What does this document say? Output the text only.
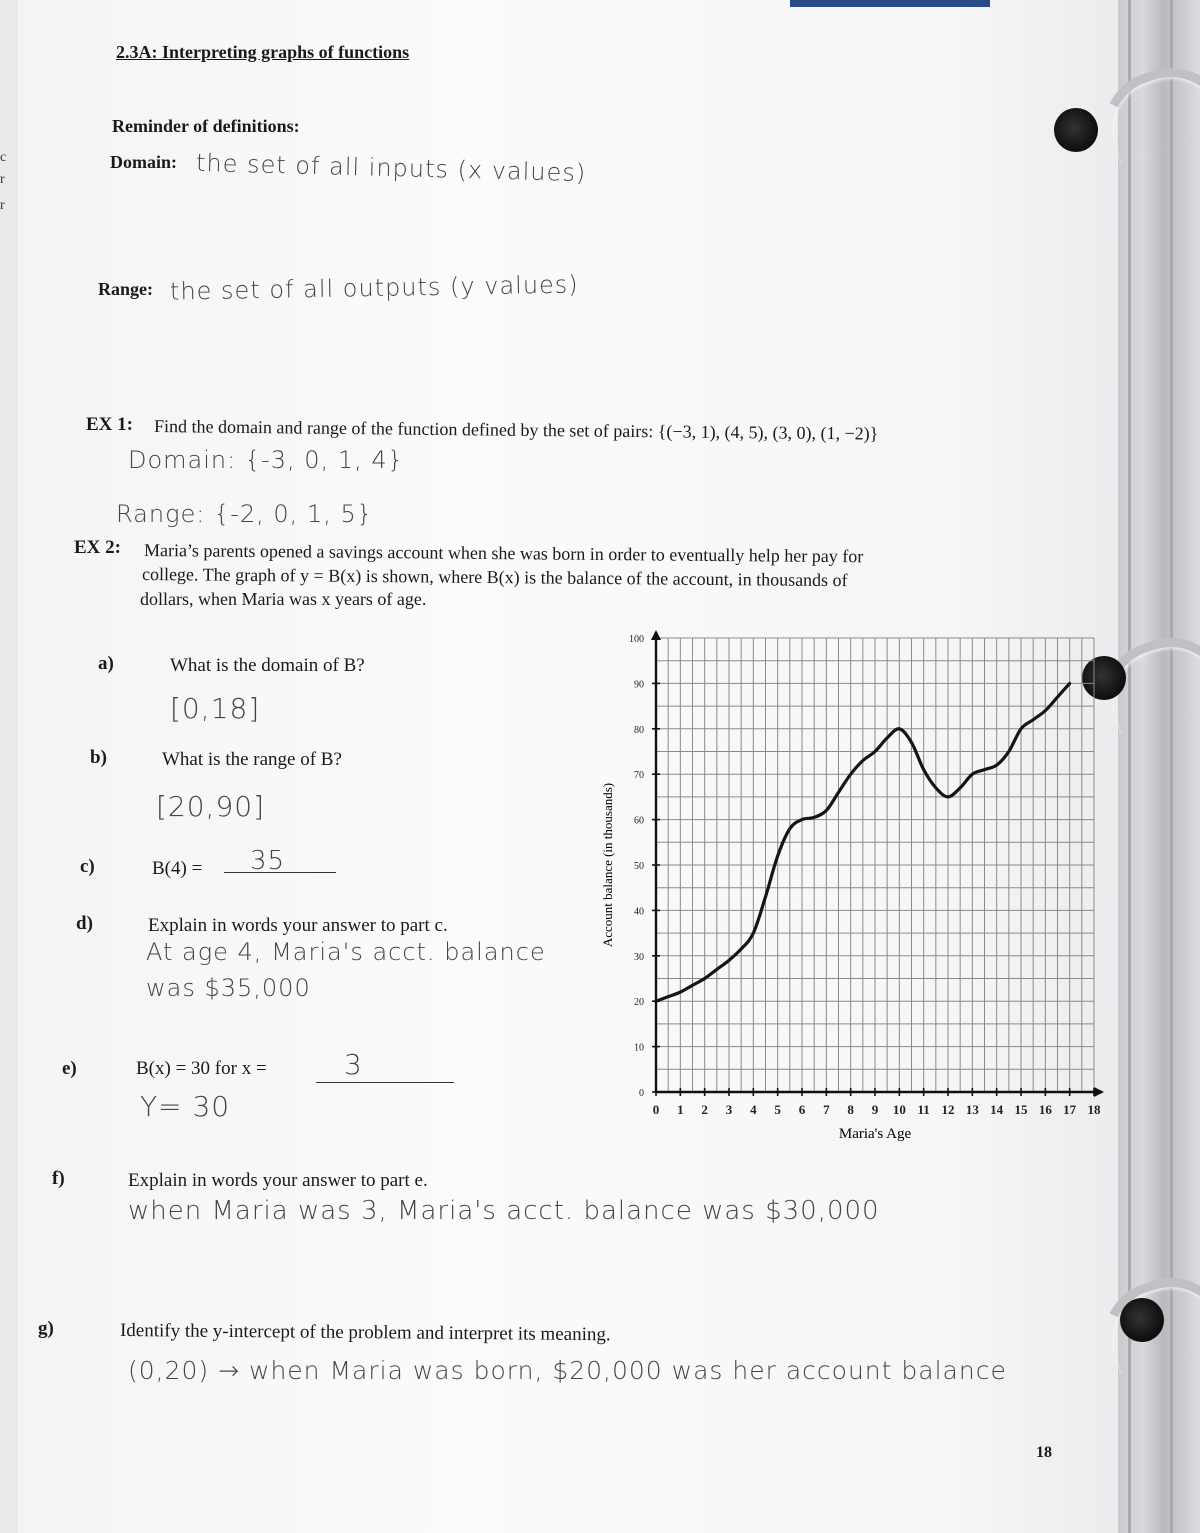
c
r
r
2.3A: Interpreting graphs of functions
Reminder of definitions:
Domain: the set of all inputs (x values)
Range: the set of all outputs (y values)
EX 1: Find the domain and range of the function defined by the set of pairs: {(−3, 1), (4, 5), (3, 0), (1, −2)}
Domain: {-3, 0, 1, 4}
Range: {-2, 0, 1, 5}
EX 2: Maria’s parents opened a savings account when she was born in order to eventually help her pay for
college. The graph of y = B(x) is shown, where B(x) is the balance of the account, in thousands of
dollars, when Maria was x years of age.
a)	What is the domain of B?
[0,18]
b)	What is the range of B?
[20,90]
c)	B(4) = 35
d)	Explain in words your answer to part c.
At age 4, Maria's acct. balance
was $35,000
e)	B(x) = 30 for x =	3
Y= 30	0 1 2 3 4 5 6 7 8 9 10 11 12 13 14 15 16 17 18
0
10
20
30
40
50
60
70
80
90
100
Maria's Age
Account balance (in thousands)
f)	Explain in words your answer to part e.
when Maria was 3, Maria's acct. balance was $30,000
g)	Identify the y-intercept of the problem and interpret its meaning.
(0,20) → when Maria was born, $20,000 was her account balance
18
